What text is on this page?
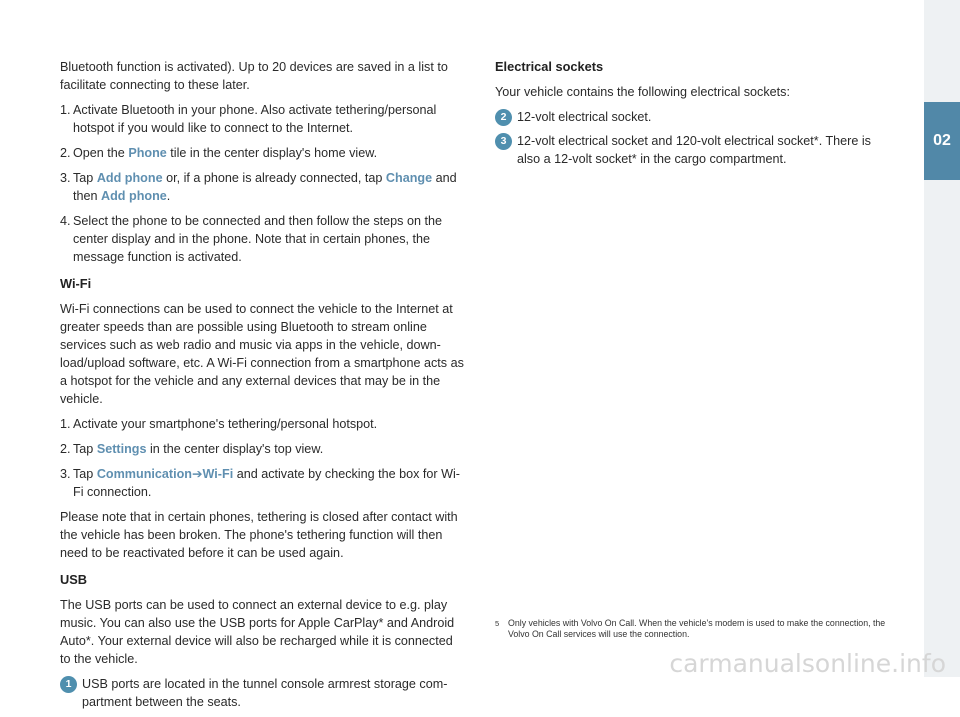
02

Bluetooth function is activated). Up to 20 devices are saved in a list to facilitate connecting to these later.

1. Activate Bluetooth in your phone. Also activate tethering/personal hotspot if you would like to connect to the Internet.
2. Open the Phone tile in the center display's home view.
3. Tap Add phone or, if a phone is already connected, tap Change and then Add phone.
4. Select the phone to be connected and then follow the steps on the center display and in the phone. Note that in certain phones, the message function is activated.
Wi-Fi

Wi-Fi connections can be used to connect the vehicle to the Internet at greater speeds than are possible using Bluetooth to stream online services such as web radio and music via apps in the vehicle, down-load/upload software, etc. A Wi-Fi connection from a smartphone acts as a hotspot for the vehicle and any external devices that may be in the vehicle.

1. Activate your smartphone's tethering/personal hotspot.
2. Tap Settings in the center display's top view.
3. Tap Communication➔Wi-Fi and activate by checking the box for Wi-Fi connection.

Please note that in certain phones, tethering is closed after contact with the vehicle has been broken. The phone's tethering function will then need to be reactivated before it can be used again.

USB

The USB ports can be used to connect an external device to e.g. play music. You can also use the USB ports for Apple CarPlay* and Android Auto*. Your external device will also be recharged while it is connected to the vehicle.

1 USB ports are located in the tunnel console armrest storage com-partment between the seats.
Electrical sockets

Your vehicle contains the following electrical sockets:

2 12-volt electrical socket.
3 12-volt electrical socket and 120-volt electrical socket*. There is also a 12-volt socket* in the cargo compartment.
5	Only vehicles with Volvo On Call. When the vehicle's modem is used to make the connection, the Volvo On Call services will use the connection.
carmanualsonline.info
